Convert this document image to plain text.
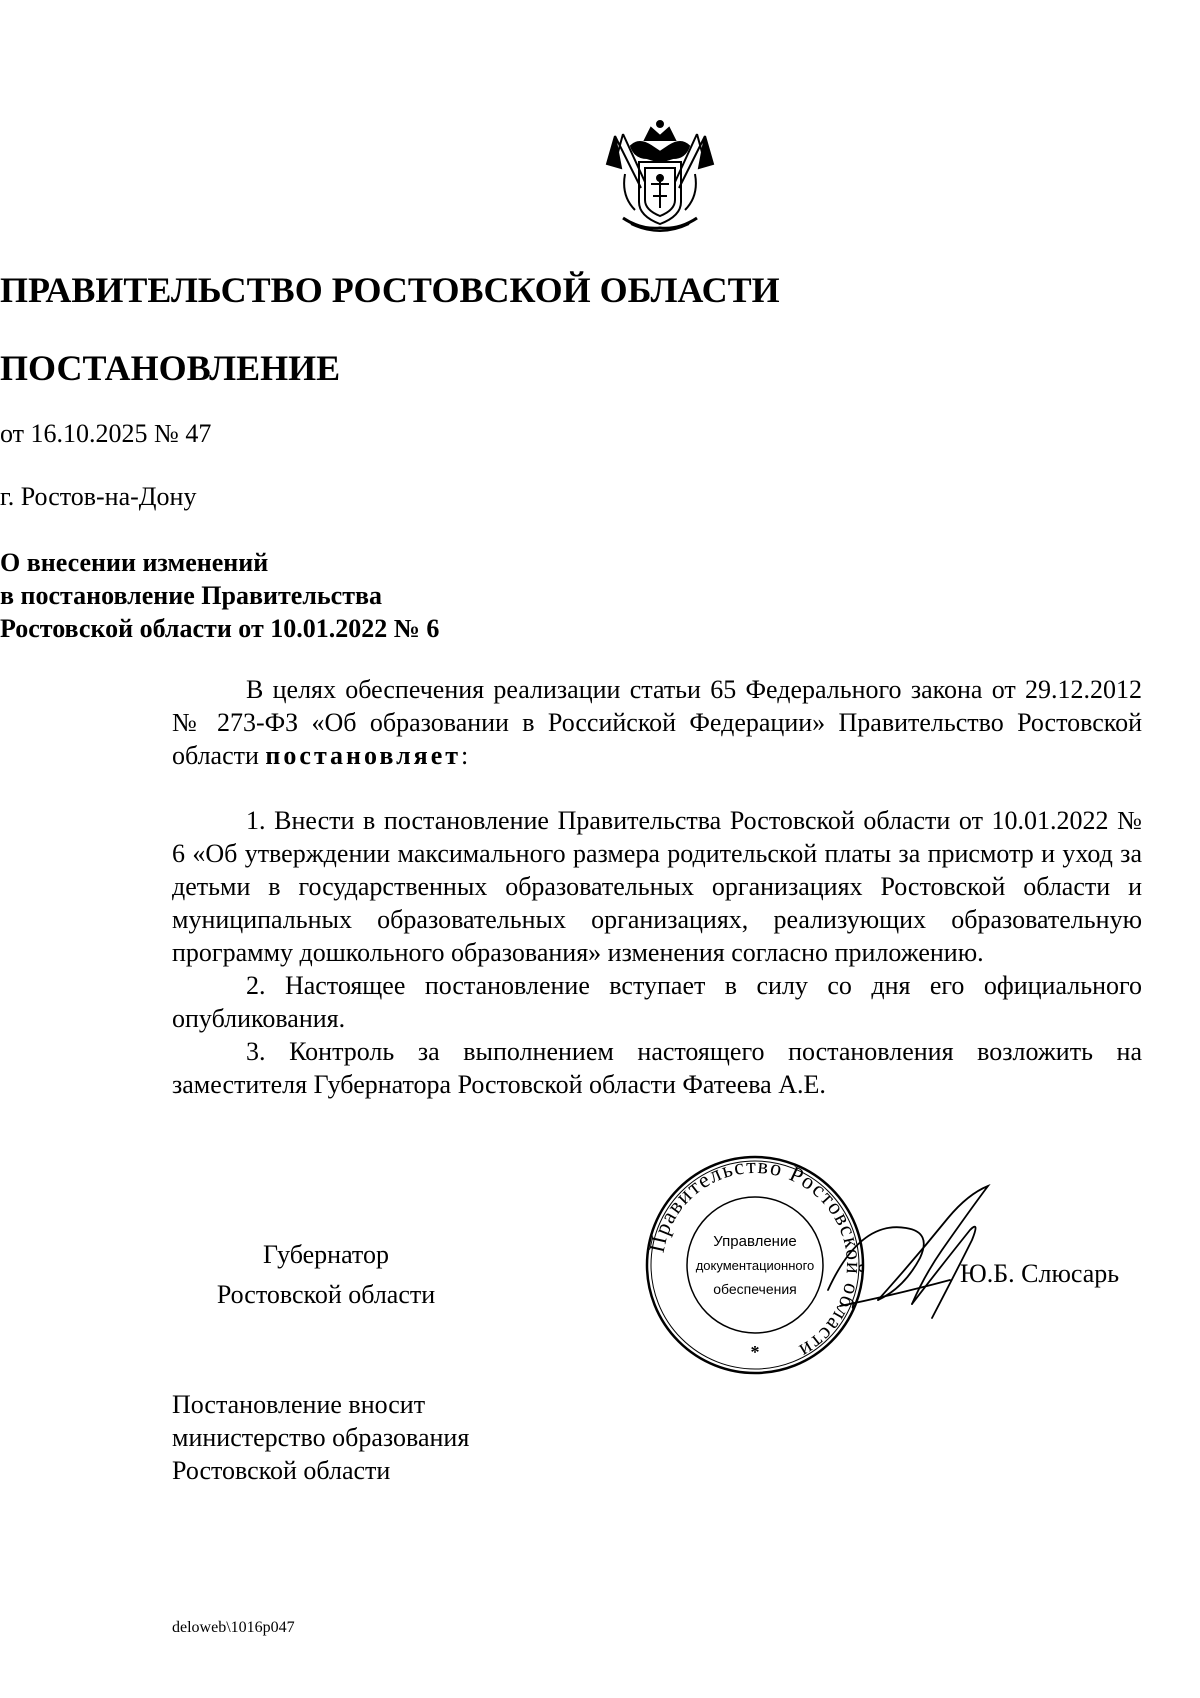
ПРАВИТЕЛЬСТВО РОСТОВСКОЙ ОБЛАСТИ
ПОСТАНОВЛЕНИЕ
от 16.10.2025 № 47
г. Ростов-на-Дону
О внесении изменений
в постановление Правительства
Ростовской области от 10.01.2022 № 6

В целях обеспечения реализации статьи 65 Федерального закона от 29.12.2012 № 273-ФЗ «Об образовании в Российской Федерации» Правительство Ростовской области постановляет:

1. Внести в постановление Правительства Ростовской области от 10.01.2022 № 6 «Об утверждении максимального размера родительской платы за присмотр и уход за детьми в государственных образовательных организациях Ростовской области и муниципальных образовательных организациях, реализующих образовательную программу дошкольного образования» изменения согласно приложению.

2. Настоящее постановление вступает в силу со дня его официального опубликования.

3. Контроль за выполнением настоящего постановления возложить на заместителя Губернатора Ростовской области Фатеева А.Е.

Губернатор
Ростовской области
Правительство Ростовской области
Управление
документационного
обеспечения
*
Ю.Б. Слюсарь
Постановление вносит
министерство образования
Ростовской области
deloweb\1016p047
